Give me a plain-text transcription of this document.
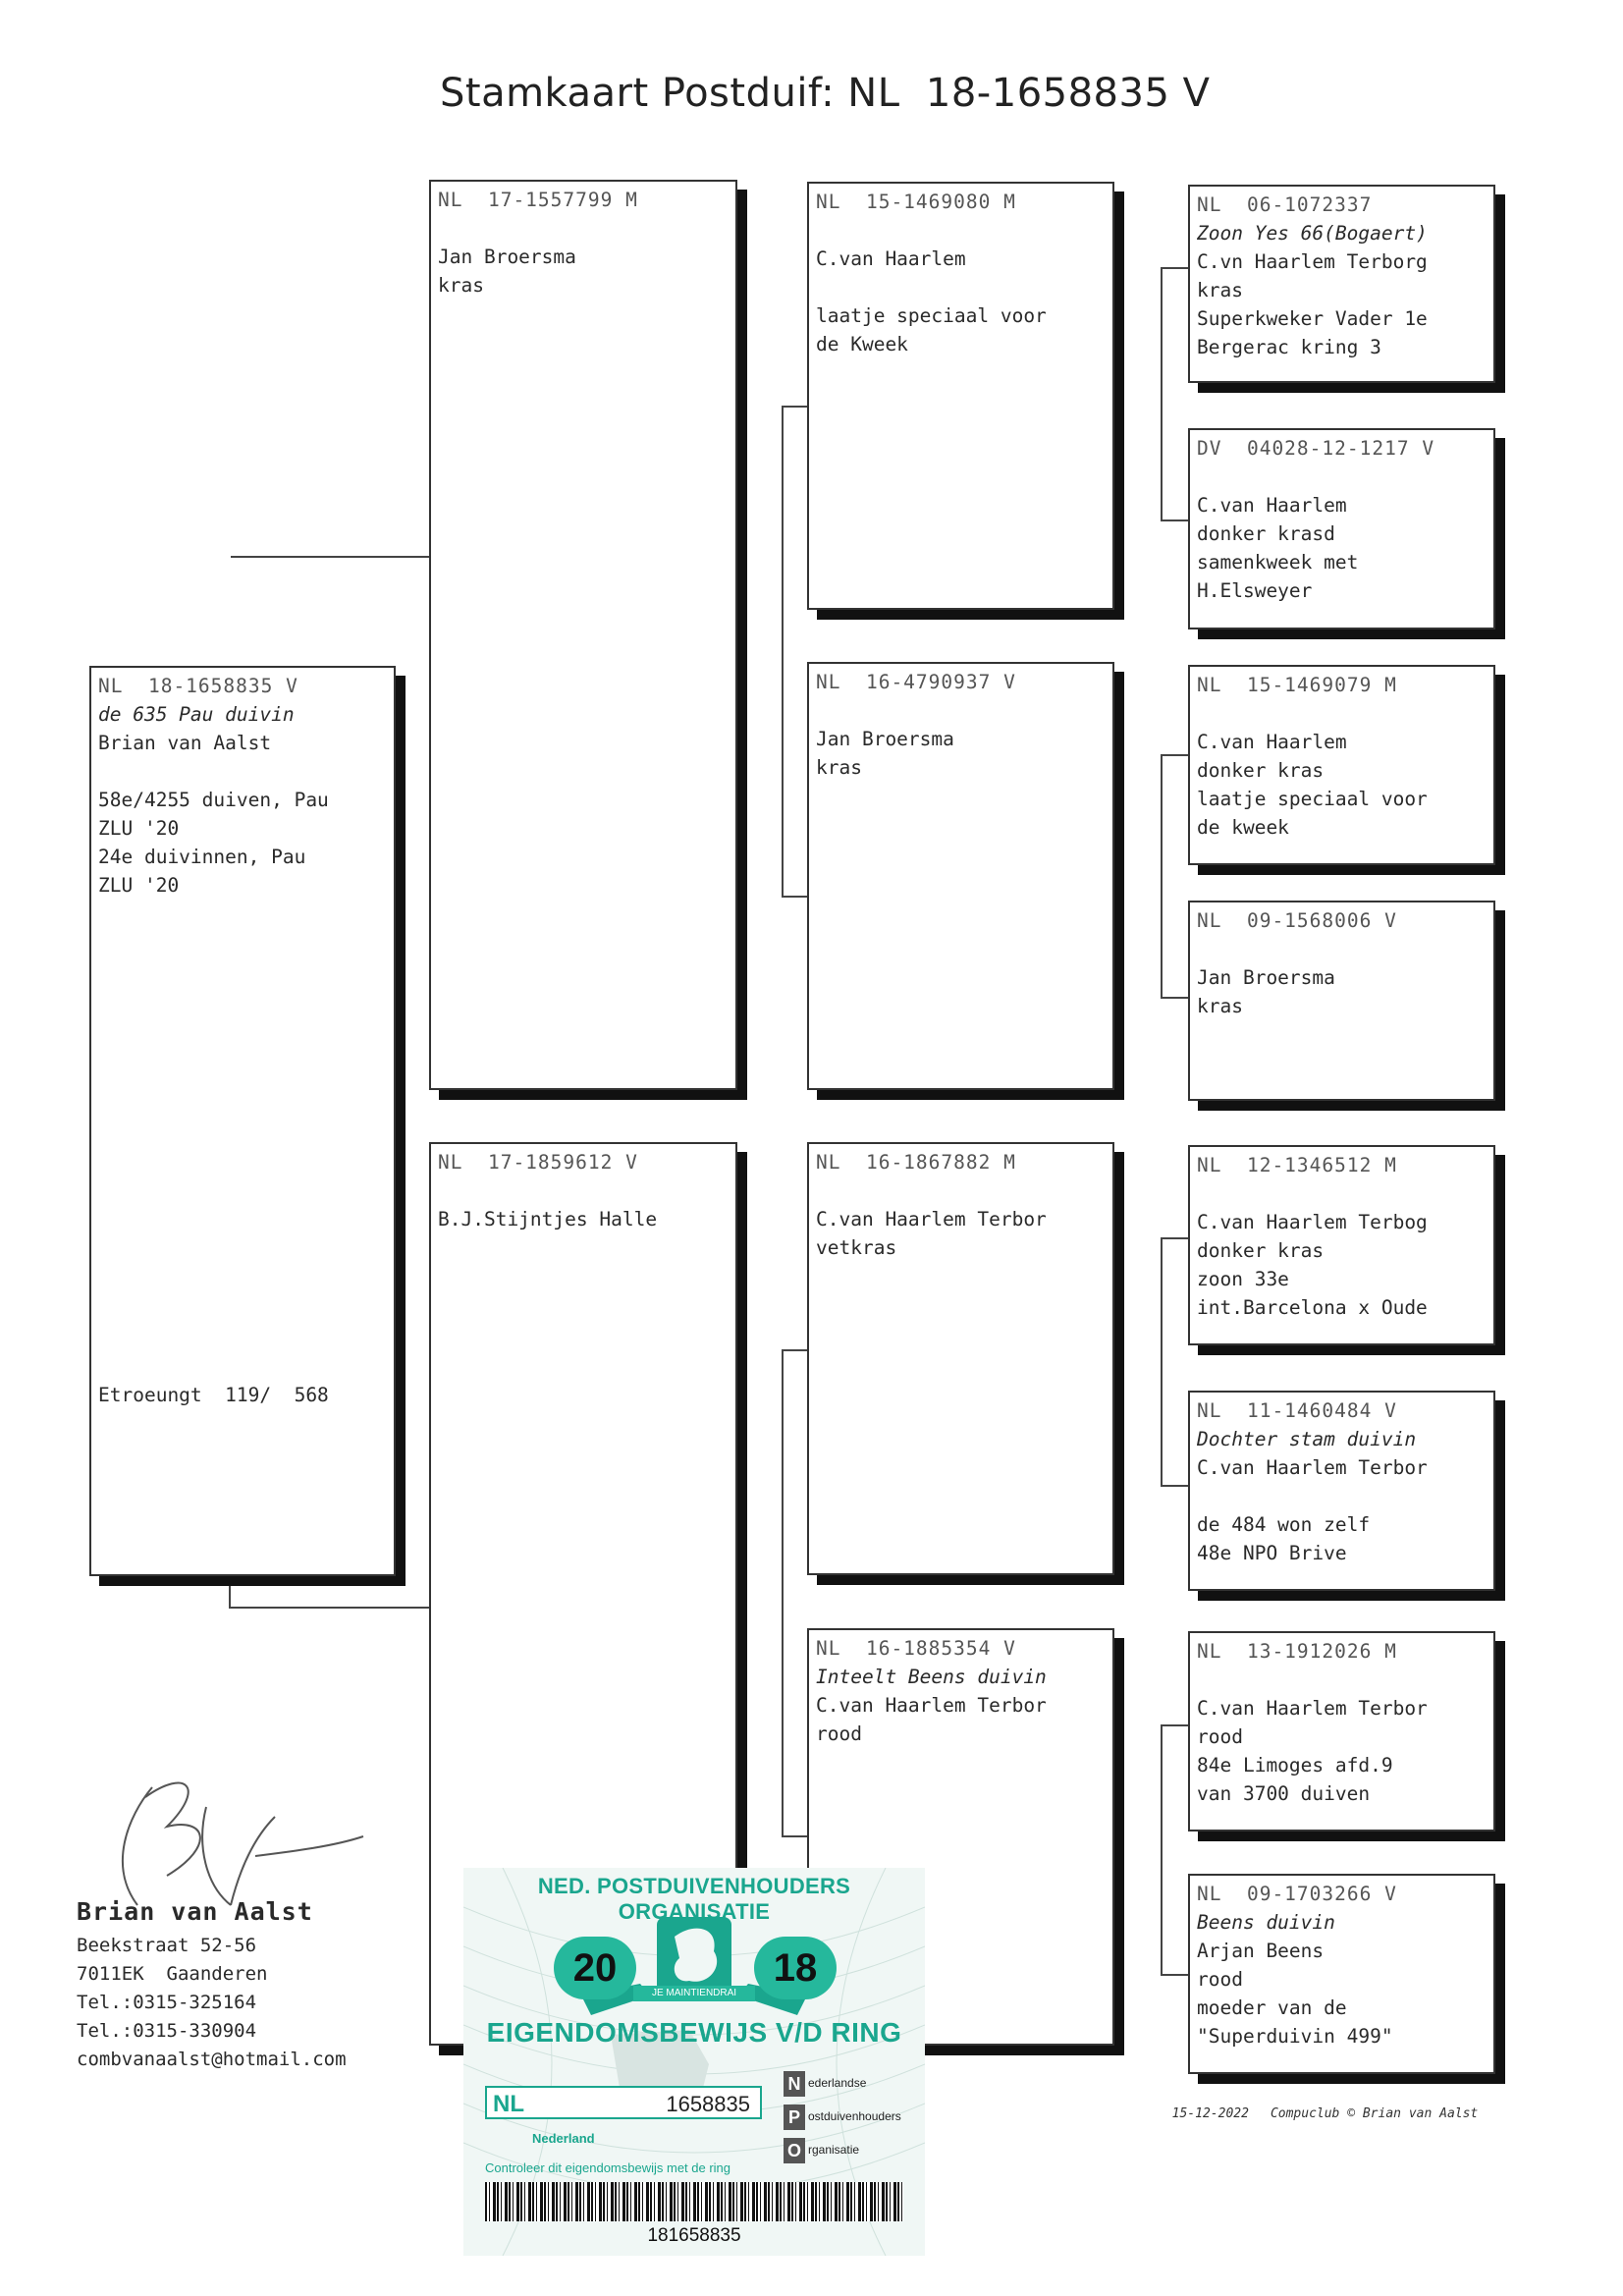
Stamkaart Postduif: NL  18-1658835 V
NL  18-1658835 V
de 635 Pau duivin
Brian van Aalst
58e/4255 duiven, Pau
ZLU '20
24e duivinnen, Pau
ZLU '20
Etroeungt  119/  568
NL  17-1557799 M
Jan Broersma
kras
NL  17-1859612 V
B.J.Stijntjes Halle
NL  15-1469080 M
C.van Haarlem
laatje speciaal voor
de Kweek
NL  16-4790937 V
Jan Broersma
kras
NL  16-1867882 M
C.van Haarlem Terbor
vetkras
NL  16-1885354 V
Inteelt Beens duivin
C.van Haarlem Terbor
rood
NL  06-1072337
Zoon Yes 66(Bogaert)
C.vn Haarlem Terborg
kras
Superkweker Vader 1e
Bergerac kring 3
DV  04028-12-1217 V
C.van Haarlem
donker krasd
samenkweek met
H.Elsweyer
NL  15-1469079 M
C.van Haarlem
donker kras
laatje speciaal voor
de kweek
NL  09-1568006 V
Jan Broersma
kras
NL  12-1346512 M
C.van Haarlem Terbog
donker kras
zoon 33e
int.Barcelona x Oude
NL  11-1460484 V
Dochter stam duivin
C.van Haarlem Terbor
de 484 won zelf
48e NPO Brive
NL  13-1912026 M
C.van Haarlem Terbor
rood
84e Limoges afd.9
van 3700 duiven
NL  09-1703266 V
Beens duivin
Arjan Beens
rood
moeder van de
"Superduivin 499"
Brian van Aalst
Beekstraat 52-56
7011EK  Gaanderen
Tel.:0315-325164
Tel.:0315-330904
combvanaalst@hotmail.com

15-12-2022 Compuclub © Brian van Aalst

NED. POSTDUIVENHOUDERS ORGANISATIE
20	18
JE MAINTIENDRAI
EIGENDOMSBEWIJS V/D RING
NL	1658835
N ederlandse
P ostduivenhouders
O rganisatie
Nederland
Controleer dit eigendomsbewijs met de ring
181658835
